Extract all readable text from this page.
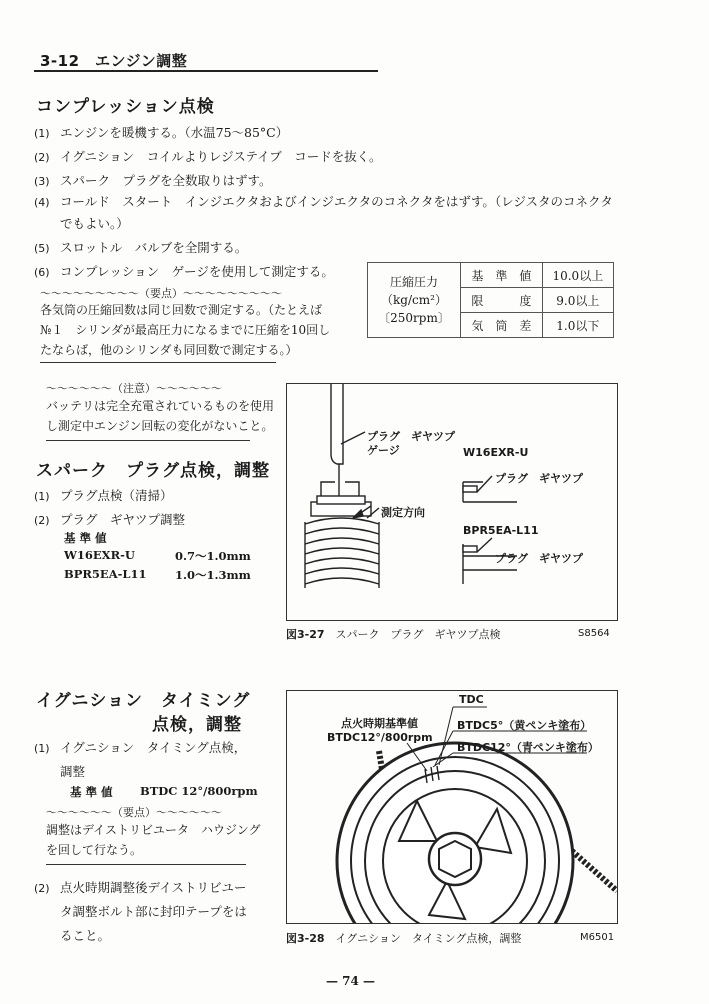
3-12　エンジン調整
コンプレッション点検
(1) エンジンを暖機する。（水温75～85°C）
(2) イグニション　コイルよりレジステイブ　コードを抜く。
(3) スパーク　プラグを全数取りはずす。
(4) コールド　スタート　インジエクタおよびインジエクタのコネクタをはずす。（レジスタのコネクタ
でもよい。）
(5) スロットル　バルブを全開する。
(6) コンプレッション　ゲージを使用して測定する。
～～～～～～～～～（要点）～～～～～～～～～
各気筒の圧縮回数は同じ回数で測定する。（たとえば
№１　シリンダが最高圧力になるまでに圧縮を10回し
たならば，他のシリンダも同回数で測定する。）
圧縮圧力
（kg/cm²）
〔250rpm〕	基　準　値	10.0以上
	限　　　度	9.0以上
	気　筒　差	1.0以下
～～～～～～（注意）～～～～～～
バッテリは完全充電されているものを使用
し測定中エンジン回転の変化がないこと。
スパーク　プラグ点検，調整
(1) プラグ点検（清掃）
(2) プラグ　ギヤツプ調整
基 準 値
W16EXR-U	0.7～1.0mm
BPR5EA-L11 1.0～1.3mm
プラグ　ギヤツプ
ゲージ
測定方向
W16EXR-U
プラグ　ギヤツプ
BPR5EA-L11
プラグ　ギヤツプ
図3-27　 スパーク　プラグ　ギヤツプ点検	S8564
イグニション　タイミング
点検，調整
(1) イグニション　タイミング点検，
調整
基 準 値 BTDC 12°/800rpm
～～～～～～（要点）～～～～～～
調整はデイストリビユータ　ハウジング
を回して行なう。
(2) 点火時期調整後デイストリビユー
タ調整ボルト部に封印テープをは
ること。
点火時期基準値
BTDC12°/800rpm
TDC
BTDC5°（黄ペンキ塗布）
BTDC12°（青ペンキ塗布）
図3-28　 イグニション　タイミング点検，調整	M6501
— 74 —
